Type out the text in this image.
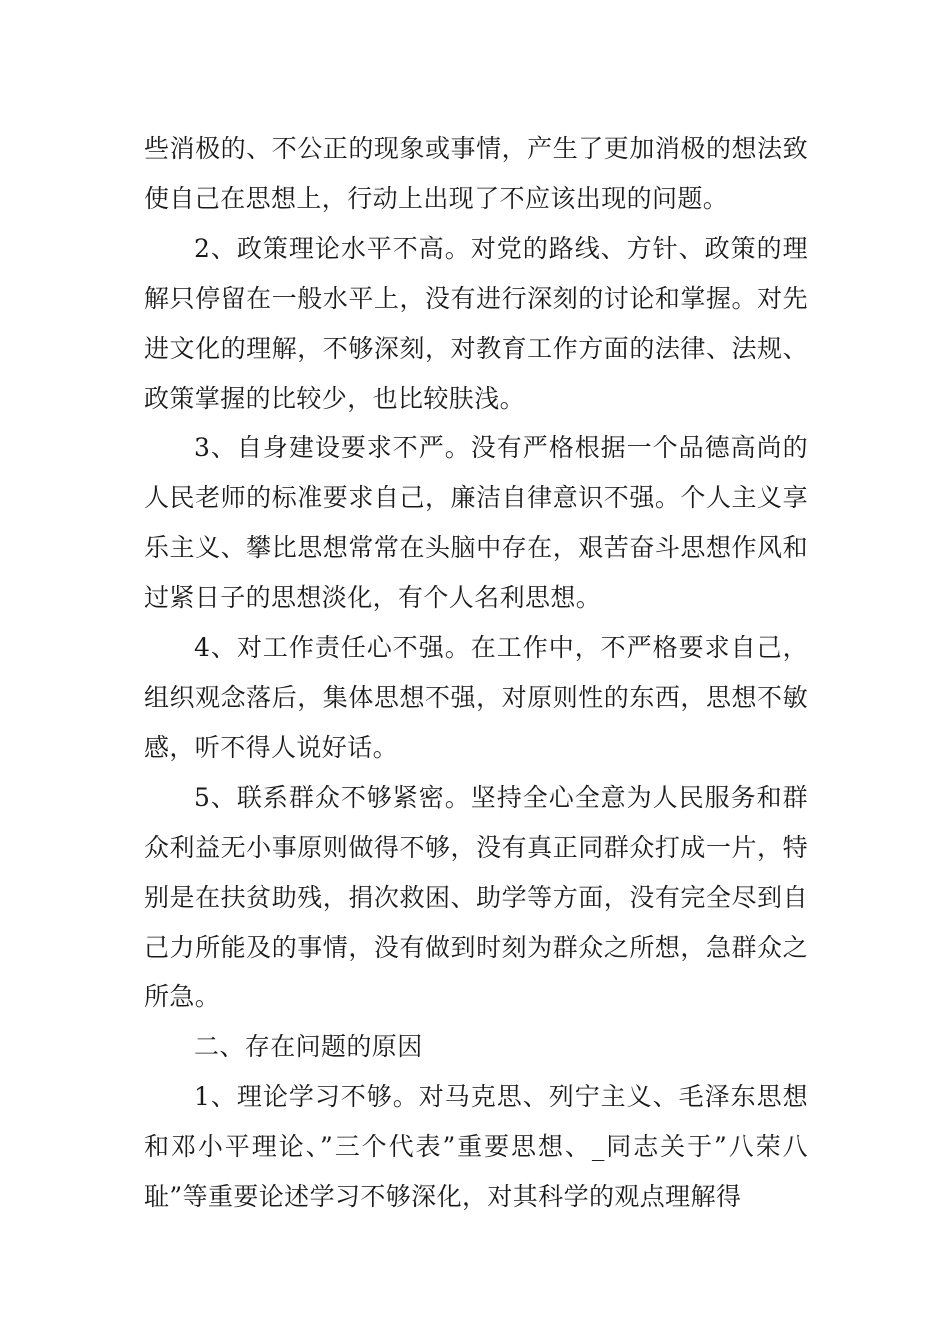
些消极的、不公正的现象或事情，产生了更加消极的想法致使自己在思想上，行动上出现了不应该出现的问题。

2、政策理论水平不高。对党的路线、方针、政策的理解只停留在一般水平上，没有进行深刻的讨论和掌握。对先进文化的理解，不够深刻，对教育工作方面的法律、法规、政策掌握的比较少，也比较肤浅。

3、自身建设要求不严。没有严格根据一个品德高尚的人民老师的标准要求自己，廉洁自律意识不强。个人主义享乐主义、攀比思想常常在头脑中存在，艰苦奋斗思想作风和过紧日子的思想淡化，有个人名利思想。

4、对工作责任心不强。在工作中，不严格要求自己，组织观念落后，集体思想不强，对原则性的东西，思想不敏感，听不得人说好话。

5、联系群众不够紧密。坚持全心全意为人民服务和群众利益无小事原则做得不够，没有真正同群众打成一片，特别是在扶贫助残，捐次救困、助学等方面，没有完全尽到自己力所能及的事情，没有做到时刻为群众之所想，急群众之所急。

二、存在问题的原因

1、理论学习不够。对马克思、列宁主义、毛泽东思想和邓小平理论、”三个代表”重要思想、_同志关于”八荣八耻”等重要论述学习不够深化，对其科学的观点理解得
